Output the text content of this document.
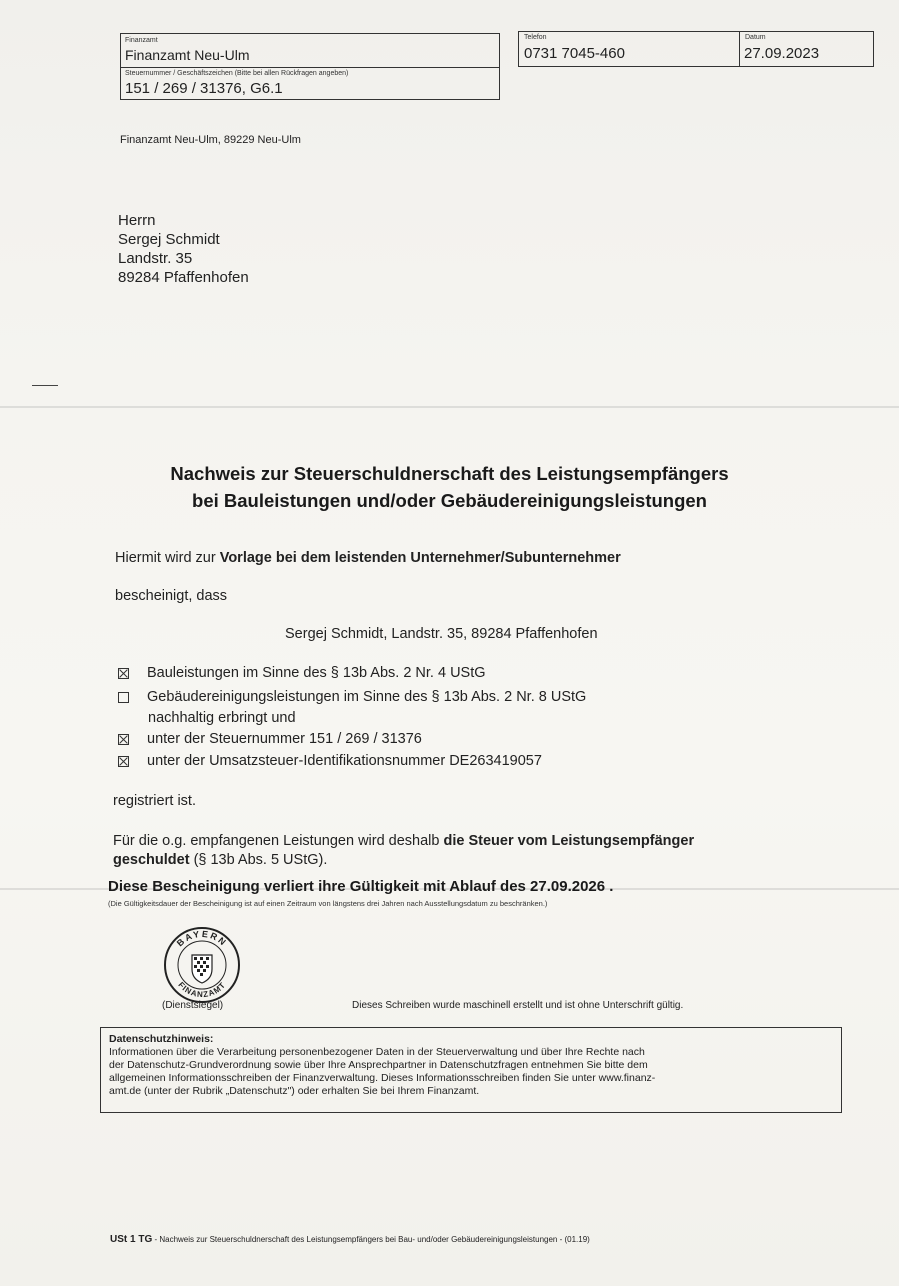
Finanzamt
Finanzamt Neu-Ulm
Steuernummer / Geschäftszeichen (Bitte bei allen Rückfragen angeben)
151 / 269 / 31376, G6.1
Telefon
0731 7045-460
Datum
27.09.2023
Finanzamt Neu-Ulm, 89229 Neu-Ulm
Herrn
Sergej Schmidt
Landstr. 35
89284 Pfaffenhofen
Nachweis zur Steuerschuldnerschaft des Leistungsempfängers
bei Bauleistungen und/oder Gebäudereinigungsleistungen
Hiermit wird zur Vorlage bei dem leistenden Unternehmer/Subunternehmer
bescheinigt, dass
Sergej Schmidt, Landstr. 35, 89284 Pfaffenhofen
Bauleistungen im Sinne des § 13b Abs. 2 Nr. 4 UStG
Gebäudereinigungsleistungen im Sinne des § 13b Abs. 2 Nr. 8 UStG
nachhaltig erbringt und
unter der Steuernummer 151 / 269 / 31376
unter der Umsatzsteuer-Identifikationsnummer DE263419057
registriert ist.
Für die o.g. empfangenen Leistungen wird deshalb die Steuer vom Leistungsempfänger
geschuldet (§ 13b Abs. 5 UStG).
Diese Bescheinigung verliert ihre Gültigkeit mit Ablauf des 27.09.2026 .
(Die Gültigkeitsdauer der Bescheinigung ist auf einen Zeitraum von längstens drei Jahren nach Ausstellungsdatum zu beschränken.)
BAYERN
FINANZAMT
(Dienstsiegel)	Dieses Schreiben wurde maschinell erstellt und ist ohne Unterschrift gültig.
Datenschutzhinweis:
Informationen über die Verarbeitung personenbezogener Daten in der Steuerverwaltung und über Ihre Rechte nach
der Datenschutz-Grundverordnung sowie über Ihre Ansprechpartner in Datenschutzfragen entnehmen Sie bitte dem
allgemeinen Informationsschreiben der Finanzverwaltung. Dieses Informationsschreiben finden Sie unter www.finanz-
amt.de (unter der Rubrik „Datenschutz") oder erhalten Sie bei Ihrem Finanzamt.
USt 1 TG - Nachweis zur Steuerschuldnerschaft des Leistungsempfängers bei Bau- und/oder Gebäudereinigungsleistungen - (01.19)
